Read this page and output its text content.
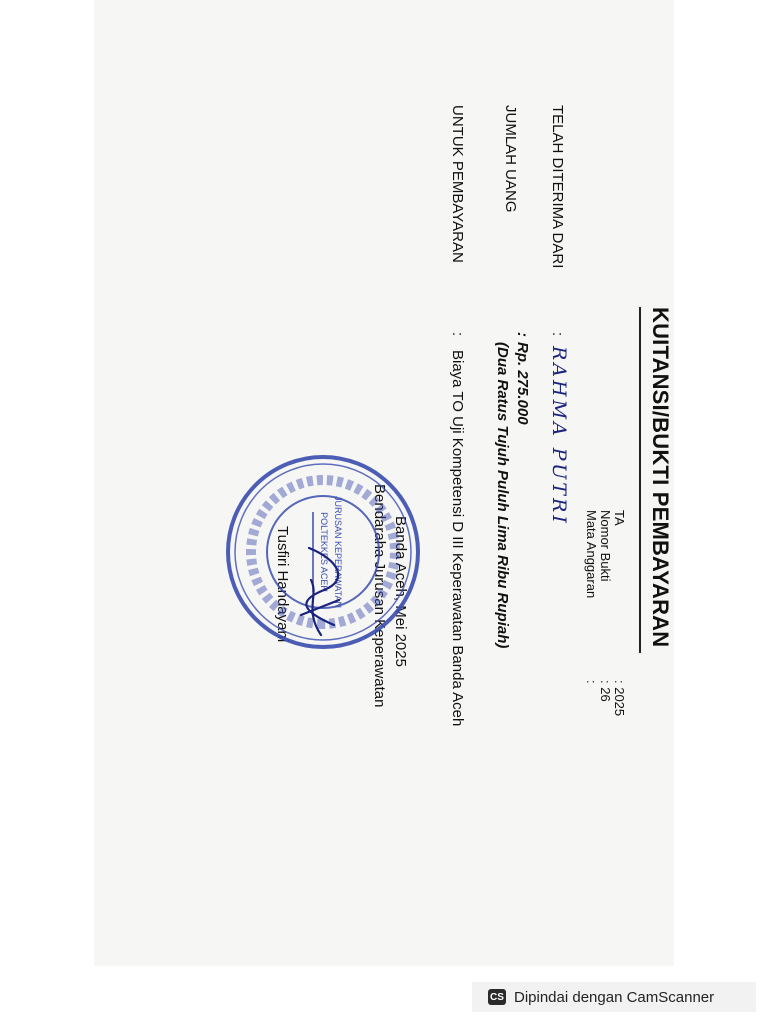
KUITANSI/BUKTI PEMBAYARAN
TA
Nomor Bukti
Mata Anggaran
: 2025
: 26
:
TELAH DITERIMA DARI
JUMLAH UANG
UNTUK PEMBAYARAN
:
RAHMA PUTRI
:
Rp. 275.000
(Dua Ratus Tujuh Puluh Lima Ribu Rupiah)
:
Biaya TO Uji Kompetensi D III Keperawatan Banda Aceh
Banda Aceh, Mei 2025
Bendaraha Jurusan Keperawatan
Tusfiri Handayani	JURUSAN KEPERAWATAN
POLTEKKES ACEH
CS Dipindai dengan CamScanner
